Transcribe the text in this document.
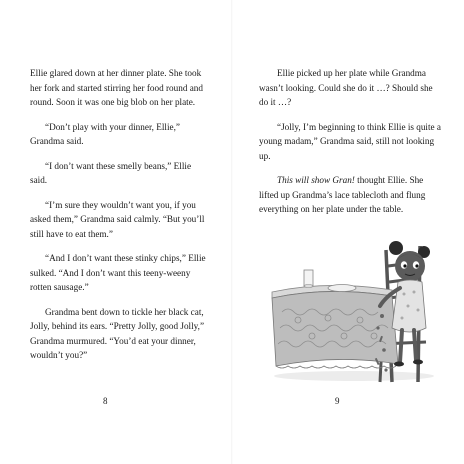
Ellie glared down at her dinner plate. She took her fork and started stirring her food round and round. Soon it was one big blob on her plate.

“Don’t play with your dinner, Ellie,” Grandma said.

“I don’t want these smelly beans,” Ellie said.

“I’m sure they wouldn’t want you, if you asked them,” Grandma said calmly. “But you’ll still have to eat them.”

“And I don’t want these stinky chips,” Ellie sulked. “And I don’t want this teeny-weeny rotten sausage.”

Grandma bent down to tickle her black cat, Jolly, behind its ears. “Pretty Jolly, good Jolly,” Grandma murmured. “You’d eat your dinner, wouldn’t you?”

8

Ellie picked up her plate while Grandma wasn’t looking. Could she do it …? Should she do it …?

“Jolly, I’m beginning to think Ellie is quite a young madam,” Grandma said, still not looking up.

This will show Gran! thought Ellie. She lifted up Grandma’s lace tablecloth and flung everything on her plate under the table.

9
